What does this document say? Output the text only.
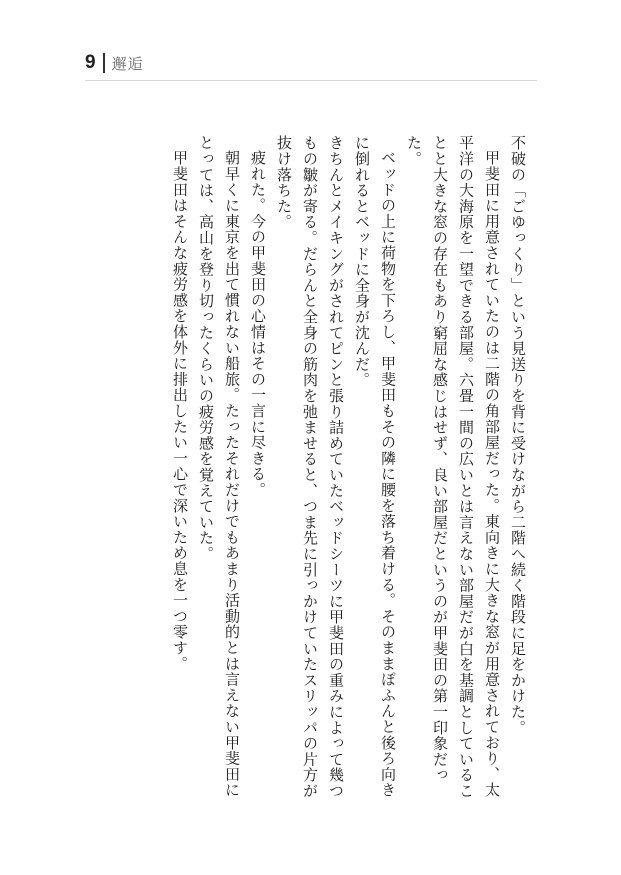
9 邂逅

不破の「ごゆっくり」という見送りを背に受けながら二階へ続く階段に足をかけた。

甲斐田に用意されていたのは二階の角部屋だった。東向きに大きな窓が用意されており、太平洋の大海原を一望できる部屋。六畳一間の広いとは言えない部屋だが白を基調としていることと大きな窓の存在もあり窮屈な感じはせず、良い部屋だというのが甲斐田の第一印象だった。

ベッドの上に荷物を下ろし、甲斐田もその隣に腰を落ち着ける。そのままぽふんと後ろ向きに倒れるとベッドに全身が沈んだ。

きちんとメイキングがされてピンと張り詰めていたベッドシーツに甲斐田の重みによって幾つもの皺が寄る。だらんと全身の筋肉を弛ませると、つま先に引っかけていたスリッパの片方が抜け落ちた。

疲れた。今の甲斐田の心情はその一言に尽きる。

朝早くに東京を出て慣れない船旅。たったそれだけでもあまり活動的とは言えない甲斐田にとっては、高山を登り切ったくらいの疲労感を覚えていた。

甲斐田はそんな疲労感を体外に排出したい一心で深いため息を一つ零す。
